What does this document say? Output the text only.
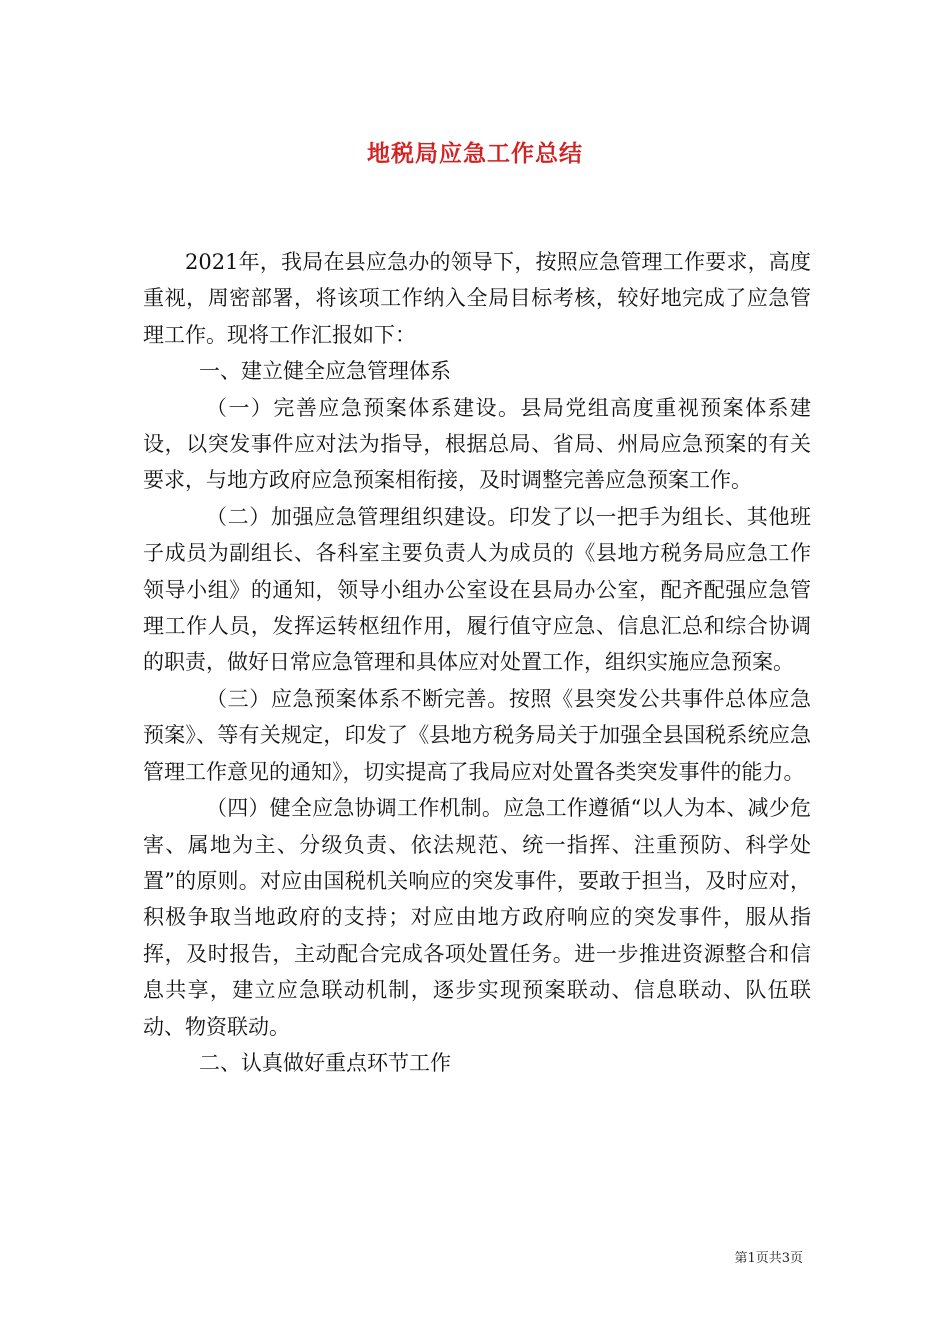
地税局应急工作总结

2021年，我局在县应急办的领导下，按照应急管理工作要求，高度重视，周密部署，将该项工作纳入全局目标考核，较好地完成了应急管理工作。现将工作汇报如下：

一、建立健全应急管理体系

（一）完善应急预案体系建设。县局党组高度重视预案体系建设，以突发事件应对法为指导，根据总局、省局、州局应急预案的有关要求，与地方政府应急预案相衔接，及时调整完善应急预案工作。

（二）加强应急管理组织建设。印发了以一把手为组长、其他班子成员为副组长、各科室主要负责人为成员的《县地方税务局应急工作领导小组》的通知，领导小组办公室设在县局办公室，配齐配强应急管理工作人员，发挥运转枢纽作用，履行值守应急、信息汇总和综合协调的职责，做好日常应急管理和具体应对处置工作，组织实施应急预案。

（三）应急预案体系不断完善。按照《县突发公共事件总体应急预案》、等有关规定，印发了《县地方税务局关于加强全县国税系统应急管理工作意见的通知》，切实提高了我局应对处置各类突发事件的能力。

（四）健全应急协调工作机制。应急工作遵循“以人为本、减少危害、属地为主、分级负责、依法规范、统一指挥、注重预防、科学处置”的原则。对应由国税机关响应的突发事件，要敢于担当，及时应对，积极争取当地政府的支持；对应由地方政府响应的突发事件，服从指挥，及时报告，主动配合完成各项处置任务。进一步推进资源整合和信息共享，建立应急联动机制，逐步实现预案联动、信息联动、队伍联动、物资联动。

二、认真做好重点环节工作

第1页共3页
